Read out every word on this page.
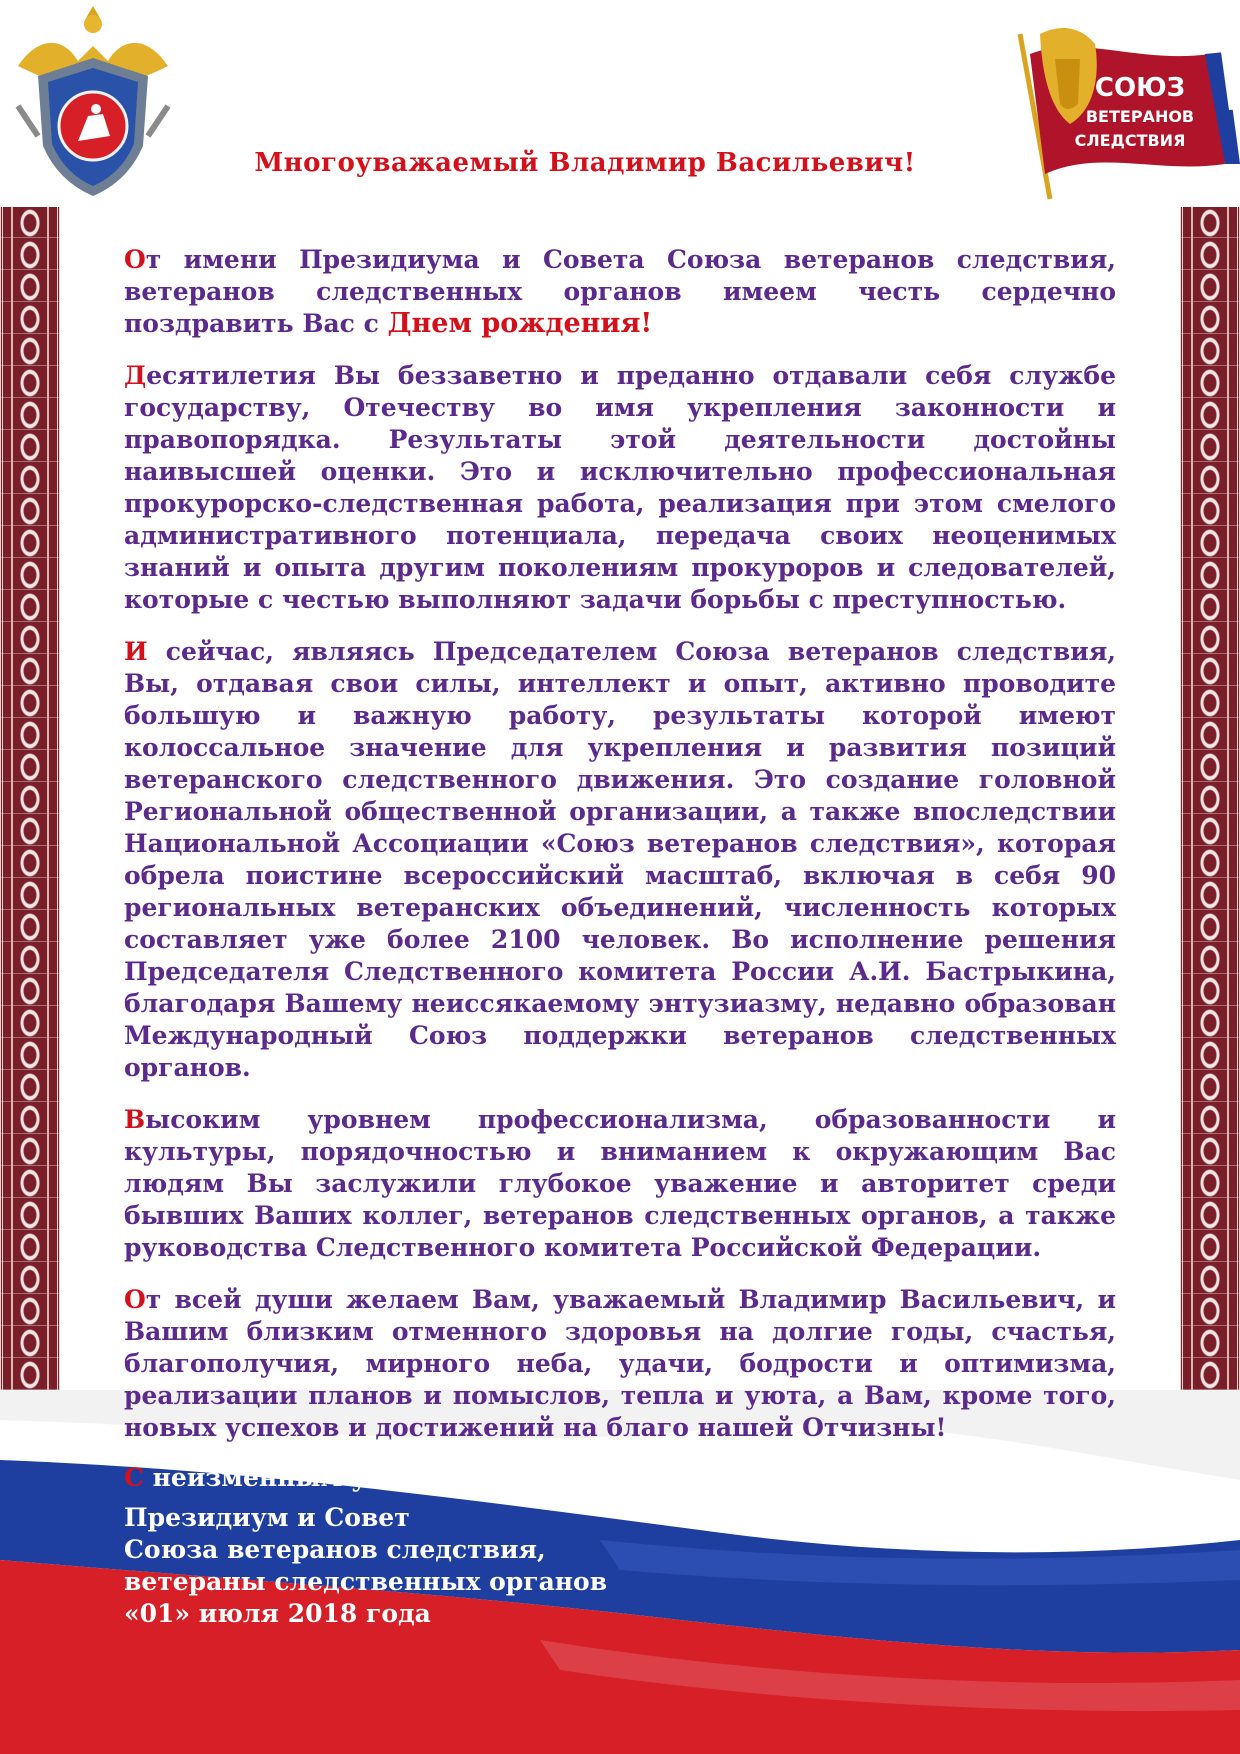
СОЮЗ
ВЕТЕРАНОВ
СЛЕДСТВИЯ
Многоуважаемый Владимир Васильевич!

От имени Президиума и Совета Союза ветеранов следствия, ветеранов следственных органов имеем честь сердечно поздравить Вас с Днем рождения!

Десятилетия Вы беззаветно и преданно отдавали себя службе государству, Отечеству во имя укрепления законности и правопорядка. Результаты этой деятельности достойны наивысшей оценки. Это и исключительно профессиональная прокурорско-следственная работа, реализация при этом смелого административного потенциала, передача своих неоценимых знаний и опыта другим поколениям прокуроров и следователей, которые с честью выполняют задачи борьбы с преступностью.

И сейчас, являясь Председателем Союза ветеранов следствия, Вы, отдавая свои силы, интеллект и опыт, активно проводите большую и важную работу, результаты которой имеют колоссальное значение для укрепления и развития позиций ветеранского следственного движения. Это создание головной Региональной общественной организации, а также впоследствии Национальной Ассоциации «Союз ветеранов следствия», которая обрела поистине всероссийский масштаб, включая в себя 90 региональных ветеранских объединений, численность которых составляет уже более 2100 человек. Во исполнение решения Председателя Следственного комитета России А.И. Бастрыкина, благодаря Вашему неиссякаемому энтузиазму, недавно образован Международный Союз поддержки ветеранов следственных органов.

Высоким уровнем профессионализма, образованности и культуры, порядочностью и вниманием к окружающим Вас людям Вы заслужили глубокое уважение и авторитет среди бывших Ваших коллег, ветеранов следственных органов, а также руководства Следственного комитета Российской Федерации.

От всей души желаем Вам, уважаемый Владимир Васильевич, и Вашим близким отменного здоровья на долгие годы, счастья, благополучия, мирного неба, удачи, бодрости и оптимизма, реализации планов и помыслов, тепла и уюта, а Вам, кроме того, новых успехов и достижений на благо нашей Отчизны!

С неизменным уважением,
Президиум и Совет
Союза ветеранов следствия,
ветераны следственных органов
«01» июля 2018 года
